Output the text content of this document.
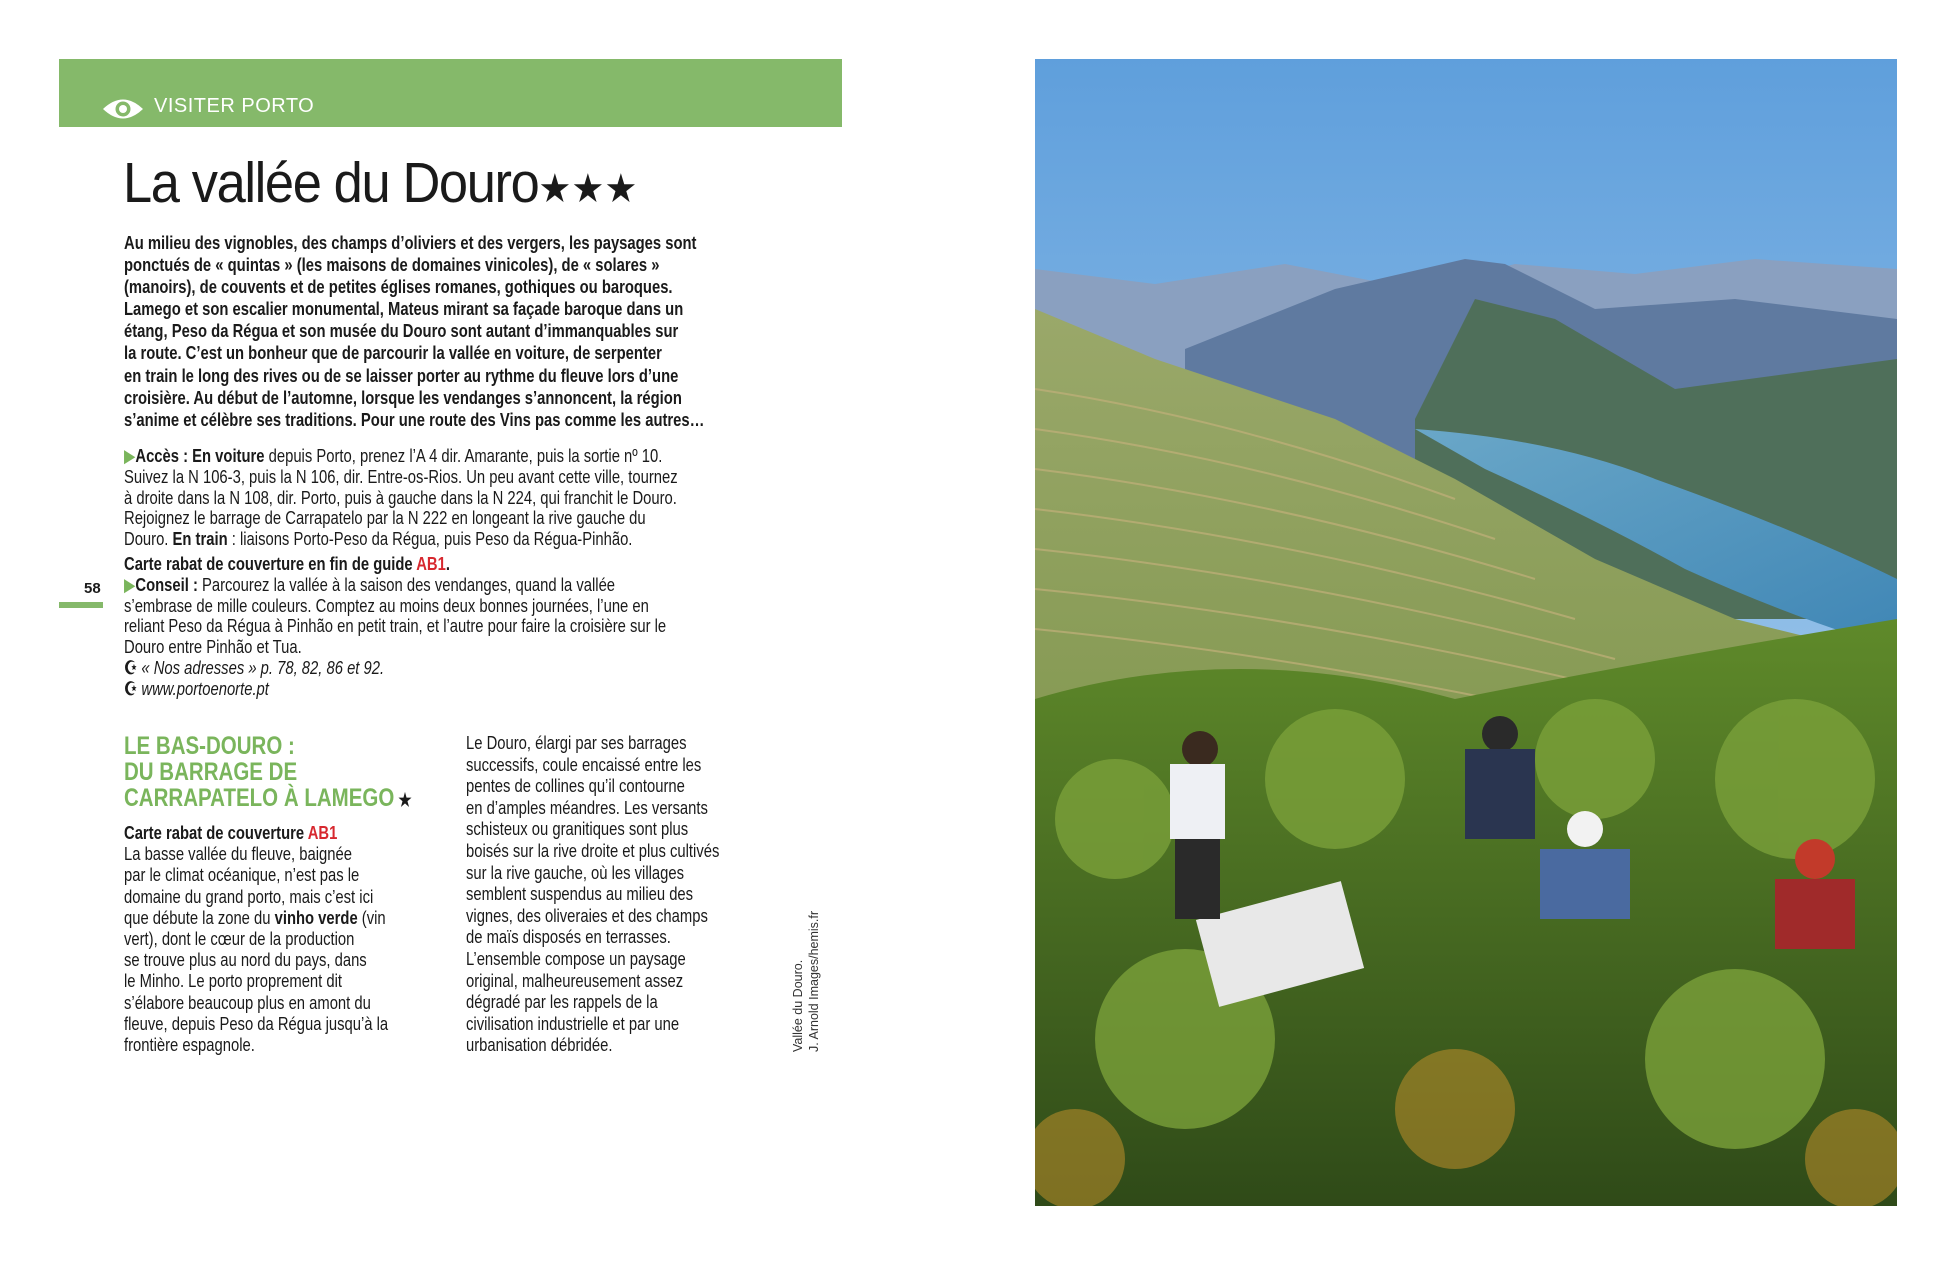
VISITER PORTO
La vallée du Douro★★★
Au milieu des vignobles, des champs d’oliviers et des vergers, les paysages sont
ponctués de « quintas » (les maisons de domaines vinicoles), de « solares »
(manoirs), de couvents et de petites églises romanes, gothiques ou baroques.
Lamego et son escalier monumental, Mateus mirant sa façade baroque dans un
étang, Peso da Régua et son musée du Douro sont autant d’immanquables sur
la route. C’est un bonheur que de parcourir la vallée en voiture, de serpenter
en train le long des rives ou de se laisser porter au rythme du fleuve lors d’une
croisière. Au début de l’automne, lorsque les vendanges s’annoncent, la région
s’anime et célèbre ses traditions. Pour une route des Vins pas comme les autres…
▶Accès : En voiture depuis Porto, prenez l’A 4 dir. Amarante, puis la sortie nº 10.
Suivez la N 106-3, puis la N 106, dir. Entre-os-Rios. Un peu avant cette ville, tournez
à droite dans la N 108, dir. Porto, puis à gauche dans la N 224, qui franchit le Douro.
Rejoignez le barrage de Carrapatelo par la N 222 en longeant la rive gauche du
Douro. En train : liaisons Porto-Peso da Régua, puis Peso da Régua-Pinhão.
Carte rabat de couverture en fin de guide AB1.
▶Conseil : Parcourez la vallée à la saison des vendanges, quand la vallée
s’embrase de mille couleurs. Comptez au moins deux bonnes journées, l’une en
reliant Peso da Régua à Pinhão en petit train, et l’autre pour faire la croisière sur le
Douro entre Pinhão et Tua.
☪ « Nos adresses » p. 78, 82, 86 et 92.
☪ www.portoenorte.pt
58
LE BAS-DOURO :
DU BARRAGE DE
CARRAPATELO À LAMEGO ★
Carte rabat de couverture AB1
La basse vallée du fleuve, baignée
par le climat océanique, n’est pas le
domaine du grand porto, mais c’est ici
que débute la zone du vinho verde (vin
vert), dont le cœur de la production
se trouve plus au nord du pays, dans
le Minho. Le porto proprement dit
s’élabore beaucoup plus en amont du
fleuve, depuis Peso da Régua jusqu’à la
frontière espagnole.
Le Douro, élargi par ses barrages
successifs, coule encaissé entre les
pentes de collines qu’il contourne
en d’amples méandres. Les versants
schisteux ou granitiques sont plus
boisés sur la rive droite et plus cultivés
sur la rive gauche, où les villages
semblent suspendus au milieu des
vignes, des oliveraies et des champs
de maïs disposés en terrasses.
L’ensemble compose un paysage
original, malheureusement assez
dégradé par les rappels de la
civilisation industrielle et par une
urbanisation débridée.	Vallée du Douro. J. Arnold Images/hemis.fr
